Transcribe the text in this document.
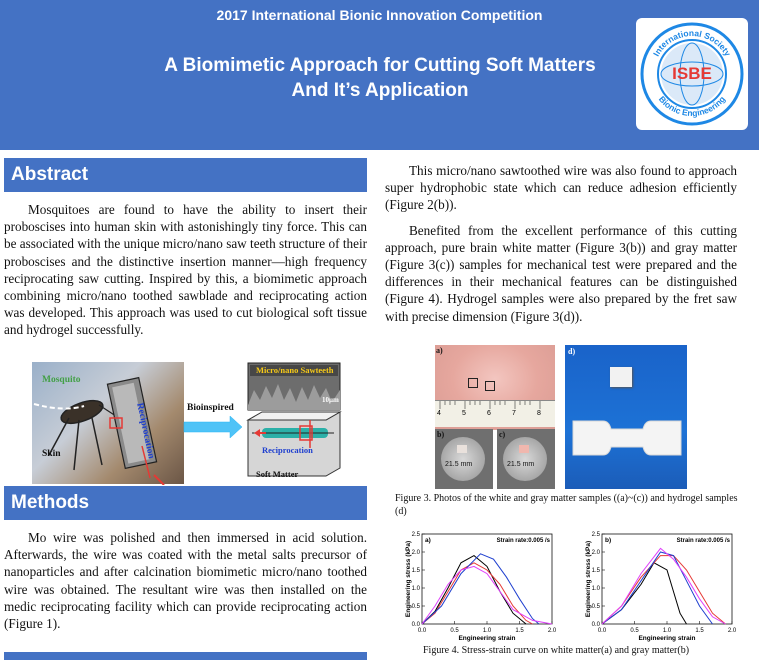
2017 International Bionic Innovation Competition
A Biomimetic Approach for Cutting Soft Matters
And It’s Application
International Society
Bionic Engineering
ISBE
Abstract

Mosquitoes are found to have the ability to insert their proboscises into human skin with astonishingly tiny force. This can be associated with the unique micro/nano saw teeth structure of their proboscises and the distinctive insertion manner—high frequency reciprocating saw cutting. Inspired by this, a biomimetic approach combining micro/nano toothed sawblade and reciprocating action was developed. This approach was used to cut biological soft tissue and hydrogel successfully.

Mosquito
Reciprocation
Skin
Bioinspired
Micro/nano Sawteeth
10μm
Reciprocation
Soft Matter
Methods

Mo wire was polished and then immersed in acid solution. Afterwards, the wire was coated with the metal salts precursor of nanoparticles and after calcination biomimetic micro/nano toothed wire was obtained. The resultant wire was then installed on the medic reciprocating facility which can provide reciprocating action (Figure 1).

This micro/nano sawtoothed wire was also found to approach super hydrophobic state which can reduce adhesion efficiently (Figure 2(b)).

Benefited from the excellent performance of this cutting approach, pure brain white matter (Figure 3(b)) and gray matter (Figure 3(c)) samples for mechanical test were prepared and the differences in their mechanical features can be distinguished (Figure 4). Hydrogel samples were also prepared by the fret saw with precise dimension (Figure 3(d)).

4	5	6	7	8
a)
b)
21.5 mm
c)
21.5 mm
d)
Figure 3. Photos of the white and gray matter samples ((a)~(c)) and hydrogel samples (d)
0.0	0.5	1.0	1.5	2.0
0.0
0.5
1.0
1.5
2.0
2.5
a)	Strain rate:0.005 /s
Engineering strain
Engineering stress (kPa)
0.0	0.5	1.0	1.5	2.0
0.0
0.5
1.0
1.5
2.0
2.5
b)	Strain rate:0.005 /s
Engineering strain
Engineering stress (kPa)
Figure 4. Stress-strain curve on white matter(a) and gray matter(b)
